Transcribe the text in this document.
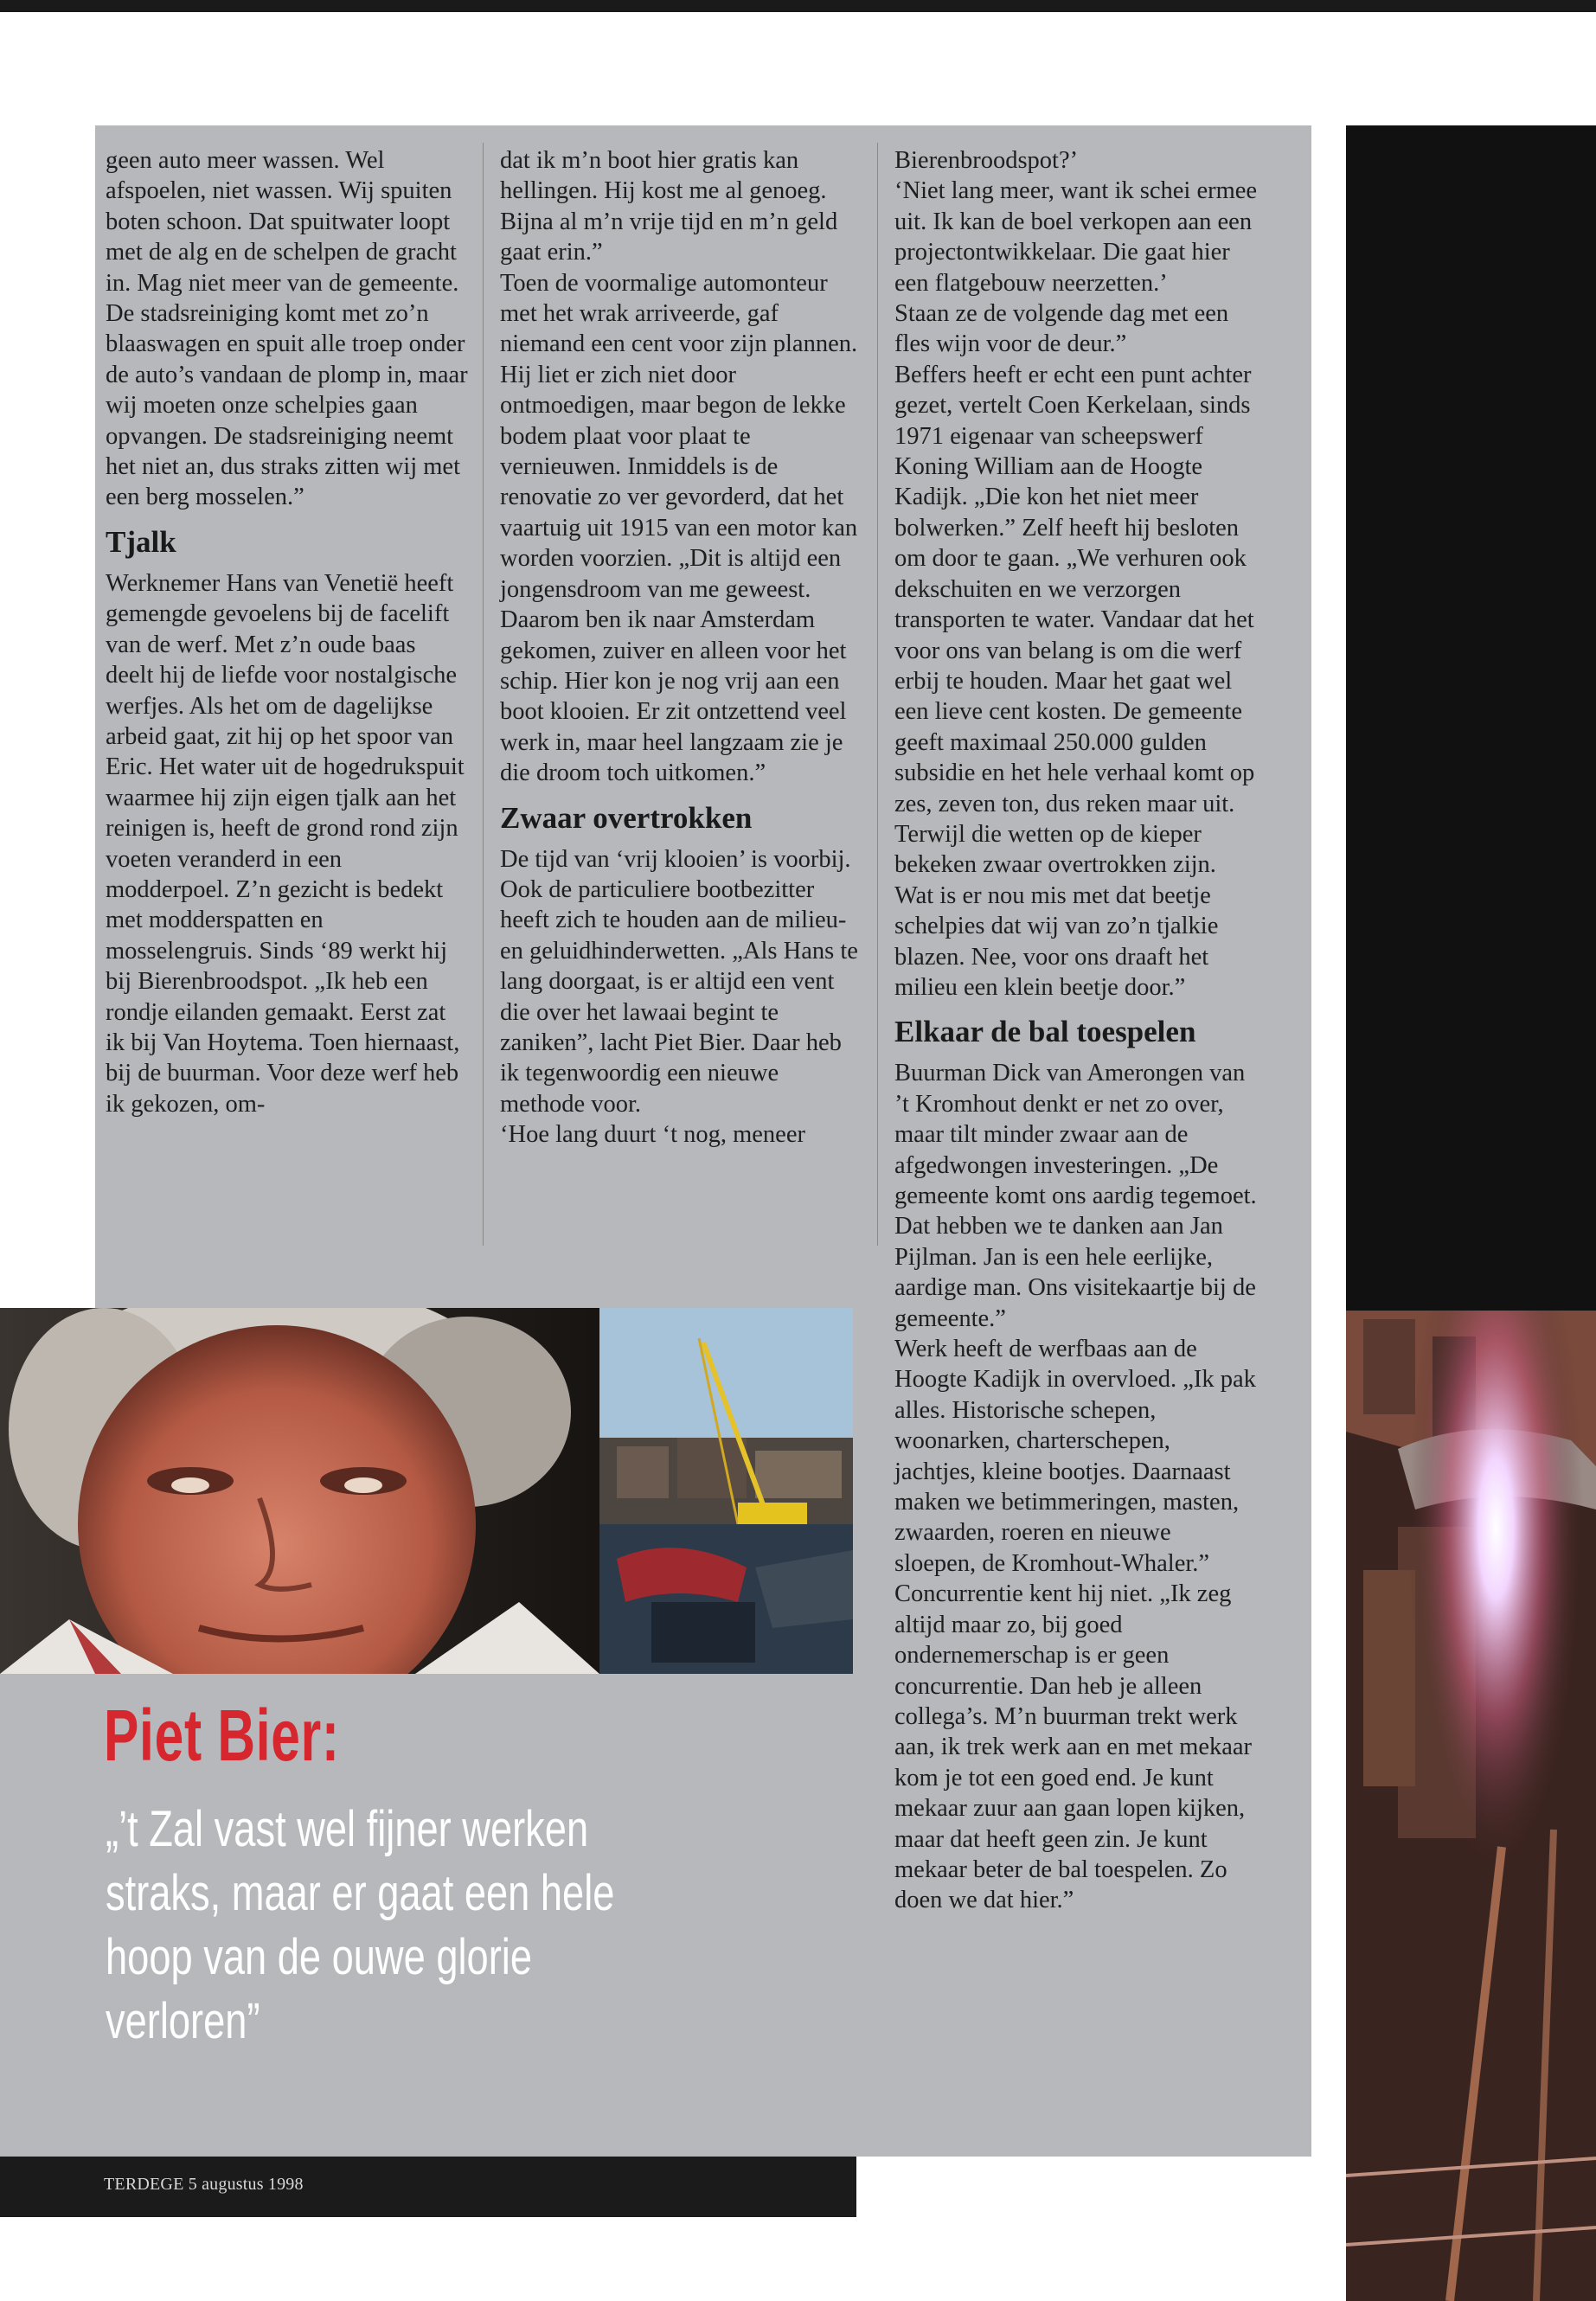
geen auto meer wassen. Wel afspoelen, niet wassen. Wij spuiten boten schoon. Dat spuitwater loopt met de alg en de schelpen de gracht in. Mag niet meer van de gemeente. De stadsreiniging komt met zo’n blaaswagen en spuit alle troep onder de auto’s vandaan de plomp in, maar wij moeten onze schelpies gaan opvangen. De stadsreiniging neemt het niet an, dus straks zitten wij met een berg mosselen.”

Tjalk

Werknemer Hans van Venetië heeft gemengde gevoelens bij de facelift van de werf. Met z’n oude baas deelt hij de liefde voor nostalgische werfjes. Als het om de dagelijkse arbeid gaat, zit hij op het spoor van Eric. Het water uit de hogedrukspuit waarmee hij zijn eigen tjalk aan het reinigen is, heeft de grond rond zijn voeten veranderd in een modderpoel. Z’n gezicht is bedekt met modderspatten en mosselengruis. Sinds ‘89 werkt hij bij Bierenbroodspot. „Ik heb een rondje eilanden gemaakt. Eerst zat ik bij Van Hoytema. Toen hiernaast, bij de buurman. Voor deze werf heb ik gekozen, om-

dat ik m’n boot hier gratis kan hellingen. Hij kost me al genoeg. Bijna al m’n vrije tijd en m’n geld gaat erin.”

Toen de voormalige automonteur met het wrak arriveerde, gaf niemand een cent voor zijn plannen. Hij liet er zich niet door ontmoedigen, maar begon de lekke bodem plaat voor plaat te vernieuwen. Inmiddels is de renovatie zo ver gevorderd, dat het vaartuig uit 1915 van een motor kan worden voorzien. „Dit is altijd een jongensdroom van me geweest. Daarom ben ik naar Amsterdam gekomen, zuiver en alleen voor het schip. Hier kon je nog vrij aan een boot klooien. Er zit ontzettend veel werk in, maar heel langzaam zie je die droom toch uitkomen.”

Zwaar overtrokken

De tijd van ‘vrij klooien’ is voorbij. Ook de particuliere bootbezitter heeft zich te houden aan de milieu- en geluidhinderwetten. „Als Hans te lang doorgaat, is er altijd een vent die over het lawaai begint te zaniken”, lacht Piet Bier. Daar heb ik tegenwoordig een nieuwe methode voor.

‘Hoe lang duurt ‘t nog, meneer

Bierenbroodspot?’

‘Niet lang meer, want ik schei ermee uit. Ik kan de boel verkopen aan een projectontwikkelaar. Die gaat hier een flatgebouw neerzetten.’

Staan ze de volgende dag met een fles wijn voor de deur.”

Beffers heeft er echt een punt achter gezet, vertelt Coen Kerkelaan, sinds 1971 eigenaar van scheepswerf Koning William aan de Hoogte Kadijk. „Die kon het niet meer bolwerken.” Zelf heeft hij besloten om door te gaan. „We verhuren ook dekschuiten en we verzorgen transporten te water. Vandaar dat het voor ons van belang is om die werf erbij te houden. Maar het gaat wel een lieve cent kosten. De gemeente geeft maximaal 250.000 gulden subsidie en het hele verhaal komt op zes, zeven ton, dus reken maar uit. Terwijl die wetten op de kieper bekeken zwaar overtrokken zijn. Wat is er nou mis met dat beetje schelpies dat wij van zo’n tjalkie blazen. Nee, voor ons draaft het milieu een klein beetje door.”

Elkaar de bal toespelen

Buurman Dick van Amerongen van ’t Kromhout denkt er net zo over, maar tilt minder zwaar aan de afgedwongen investeringen. „De gemeente komt ons aardig tegemoet. Dat hebben we te danken aan Jan Pijlman. Jan is een hele eerlijke, aardige man. Ons visitekaartje bij de gemeente.”

Werk heeft de werfbaas aan de Hoogte Kadijk in overvloed. „Ik pak alles. Historische schepen, woonarken, charterschepen, jachtjes, kleine bootjes. Daarnaast maken we betimmeringen, masten, zwaarden, roeren en nieuwe sloepen, de Kromhout-Whaler.”

Concurrentie kent hij niet. „Ik zeg altijd maar zo, bij goed ondernemerschap is er geen concurrentie. Dan heb je alleen collega’s. M’n buurman trekt werk aan, ik trek werk aan en met mekaar kom je tot een goed end. Je kunt mekaar zuur aan gaan lopen kijken, maar dat heeft geen zin. Je kunt mekaar beter de bal toespelen. Zo doen we dat hier.”

Piet Bier:
„’t Zal vast wel fijner werken straks, maar er gaat een hele hoop van de ouwe glorie verloren”
TERDEGE 5 augustus 1998
